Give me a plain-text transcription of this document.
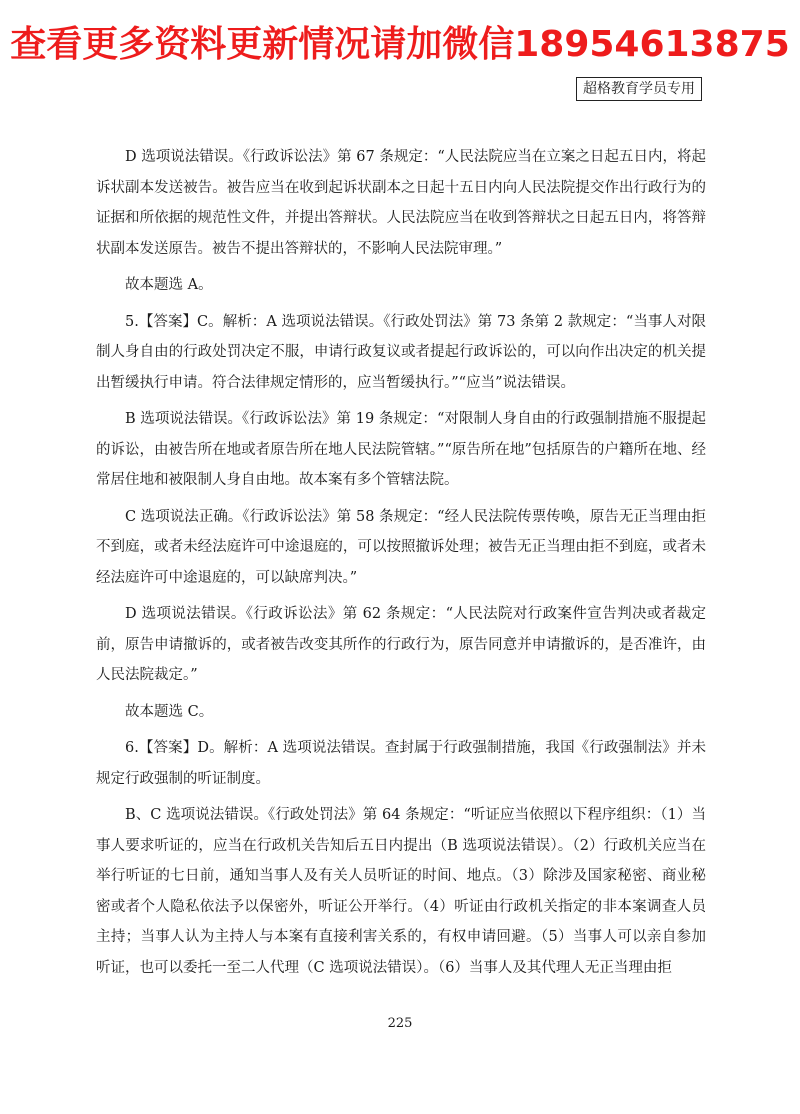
查看更多资料更新情况请加微信18954613875
超格教育学员专用

D 选项说法错误。《行政诉讼法》第 67 条规定：“人民法院应当在立案之日起五日内，将起诉状副本发送被告。被告应当在收到起诉状副本之日起十五日内向人民法院提交作出行政行为的证据和所依据的规范性文件，并提出答辩状。人民法院应当在收到答辩状之日起五日内，将答辩状副本发送原告。被告不提出答辩状的，不影响人民法院审理。”

故本题选 A。

5.【答案】C。解析：A 选项说法错误。《行政处罚法》第 73 条第 2 款规定：“当事人对限制人身自由的行政处罚决定不服，申请行政复议或者提起行政诉讼的，可以向作出决定的机关提出暂缓执行申请。符合法律规定情形的，应当暂缓执行。”“应当”说法错误。

B 选项说法错误。《行政诉讼法》第 19 条规定：“对限制人身自由的行政强制措施不服提起的诉讼，由被告所在地或者原告所在地人民法院管辖。”“原告所在地”包括原告的户籍所在地、经常居住地和被限制人身自由地。故本案有多个管辖法院。

C 选项说法正确。《行政诉讼法》第 58 条规定：“经人民法院传票传唤，原告无正当理由拒不到庭，或者未经法庭许可中途退庭的，可以按照撤诉处理；被告无正当理由拒不到庭，或者未经法庭许可中途退庭的，可以缺席判决。”

D 选项说法错误。《行政诉讼法》第 62 条规定：“人民法院对行政案件宣告判决或者裁定前，原告申请撤诉的，或者被告改变其所作的行政行为，原告同意并申请撤诉的，是否准许，由人民法院裁定。”

故本题选 C。

6.【答案】D。解析：A 选项说法错误。查封属于行政强制措施，我国《行政强制法》并未规定行政强制的听证制度。

B、C 选项说法错误。《行政处罚法》第 64 条规定：“听证应当依照以下程序组织：（1）当事人要求听证的，应当在行政机关告知后五日内提出（B 选项说法错误）。（2）行政机关应当在举行听证的七日前，通知当事人及有关人员听证的时间、地点。（3）除涉及国家秘密、商业秘密或者个人隐私依法予以保密外，听证公开举行。（4）听证由行政机关指定的非本案调查人员主持；当事人认为主持人与本案有直接利害关系的，有权申请回避。（5）当事人可以亲自参加听证，也可以委托一至二人代理（C 选项说法错误）。（6）当事人及其代理人无正当理由拒

225
